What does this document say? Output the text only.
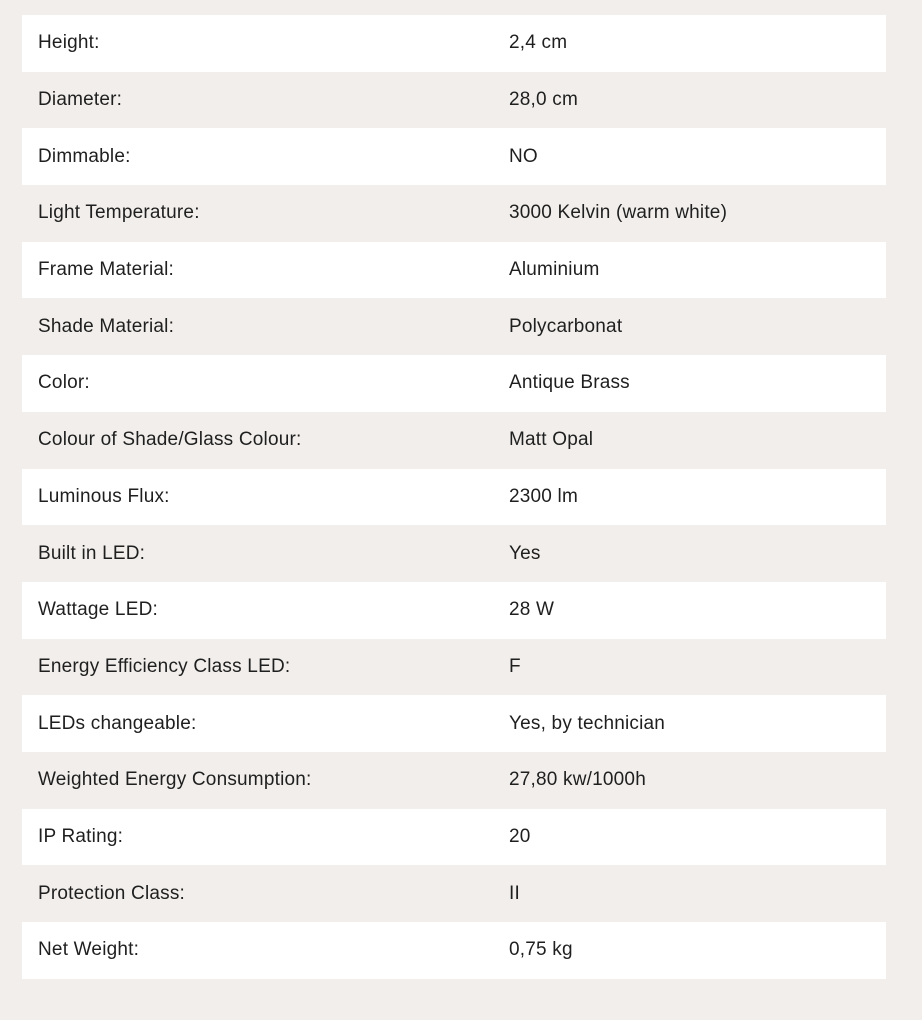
Height:	2,4 cm
Diameter:	28,0 cm
Dimmable:	NO
Light Temperature:	3000 Kelvin (warm white)
Frame Material:	Aluminium
Shade Material:	Polycarbonat
Color:	Antique Brass
Colour of Shade/Glass Colour:	Matt Opal
Luminous Flux:	2300 lm
Built in LED:	Yes
Wattage LED:	28 W
Energy Efficiency Class LED:	F
LEDs changeable:	Yes, by technician
Weighted Energy Consumption:	27,80 kw/1000h
IP Rating:	20
Protection Class:	II
Net Weight:	0,75 kg
